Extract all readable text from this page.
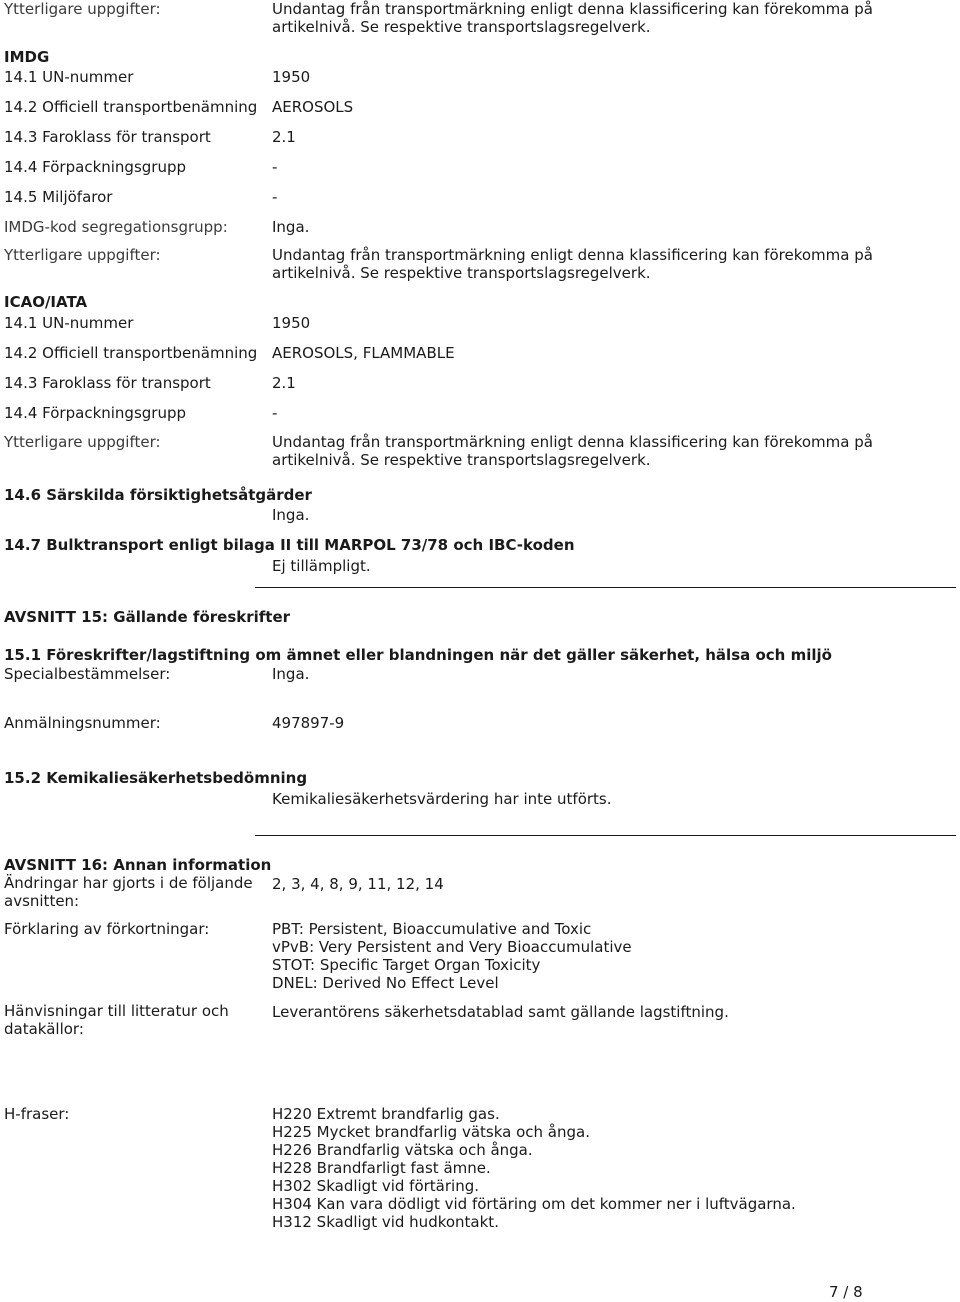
Ytterligare uppgifter:	Undantag från transportmärkning enligt denna klassificering kan förekomma på artikelnivå. Se respektive transportslagsregelverk.
IMDG
14.1 UN-nummer	1950
14.2 Officiell transportbenämning AEROSOLS
14.3 Faroklass för transport	2.1
14.4 Förpackningsgrupp	-
14.5 Miljöfaror	-
IMDG-kod segregationsgrupp:	Inga.
Ytterligare uppgifter:	Undantag från transportmärkning enligt denna klassificering kan förekomma på artikelnivå. Se respektive transportslagsregelverk.
ICAO/IATA
14.1 UN-nummer	1950
14.2 Officiell transportbenämning AEROSOLS, FLAMMABLE
14.3 Faroklass för transport	2.1
14.4 Förpackningsgrupp	-
Ytterligare uppgifter:	Undantag från transportmärkning enligt denna klassificering kan förekomma på artikelnivå. Se respektive transportslagsregelverk.
14.6 Särskilda försiktighetsåtgärder
Inga.
14.7 Bulktransport enligt bilaga II till MARPOL 73/78 och IBC-koden
Ej tillämpligt.
AVSNITT 15: Gällande föreskrifter
15.1 Föreskrifter/lagstiftning om ämnet eller blandningen när det gäller säkerhet, hälsa och miljö
Specialbestämmelser:	Inga.
Anmälningsnummer:	497897-9
15.2 Kemikaliesäkerhetsbedömning
Kemikaliesäkerhetsvärdering har inte utförts.
AVSNITT 16: Annan information
Ändringar har gjorts i de följande avsnitten:
2, 3, 4, 8, 9, 11, 12, 14
Förklaring av förkortningar:	PBT: Persistent, Bioaccumulative and Toxic
vPvB: Very Persistent and Very Bioaccumulative
STOT: Specific Target Organ Toxicity
DNEL: Derived No Effect Level
Hänvisningar till litteratur och datakällor:
Leverantörens säkerhetsdatablad samt gällande lagstiftning.
H-fraser:	H220 Extremt brandfarlig gas.
H225 Mycket brandfarlig vätska och ånga.
H226 Brandfarlig vätska och ånga.
H228 Brandfarligt fast ämne.
H302 Skadligt vid förtäring.
H304 Kan vara dödligt vid förtäring om det kommer ner i luftvägarna.
H312 Skadligt vid hudkontakt.
7 / 8
